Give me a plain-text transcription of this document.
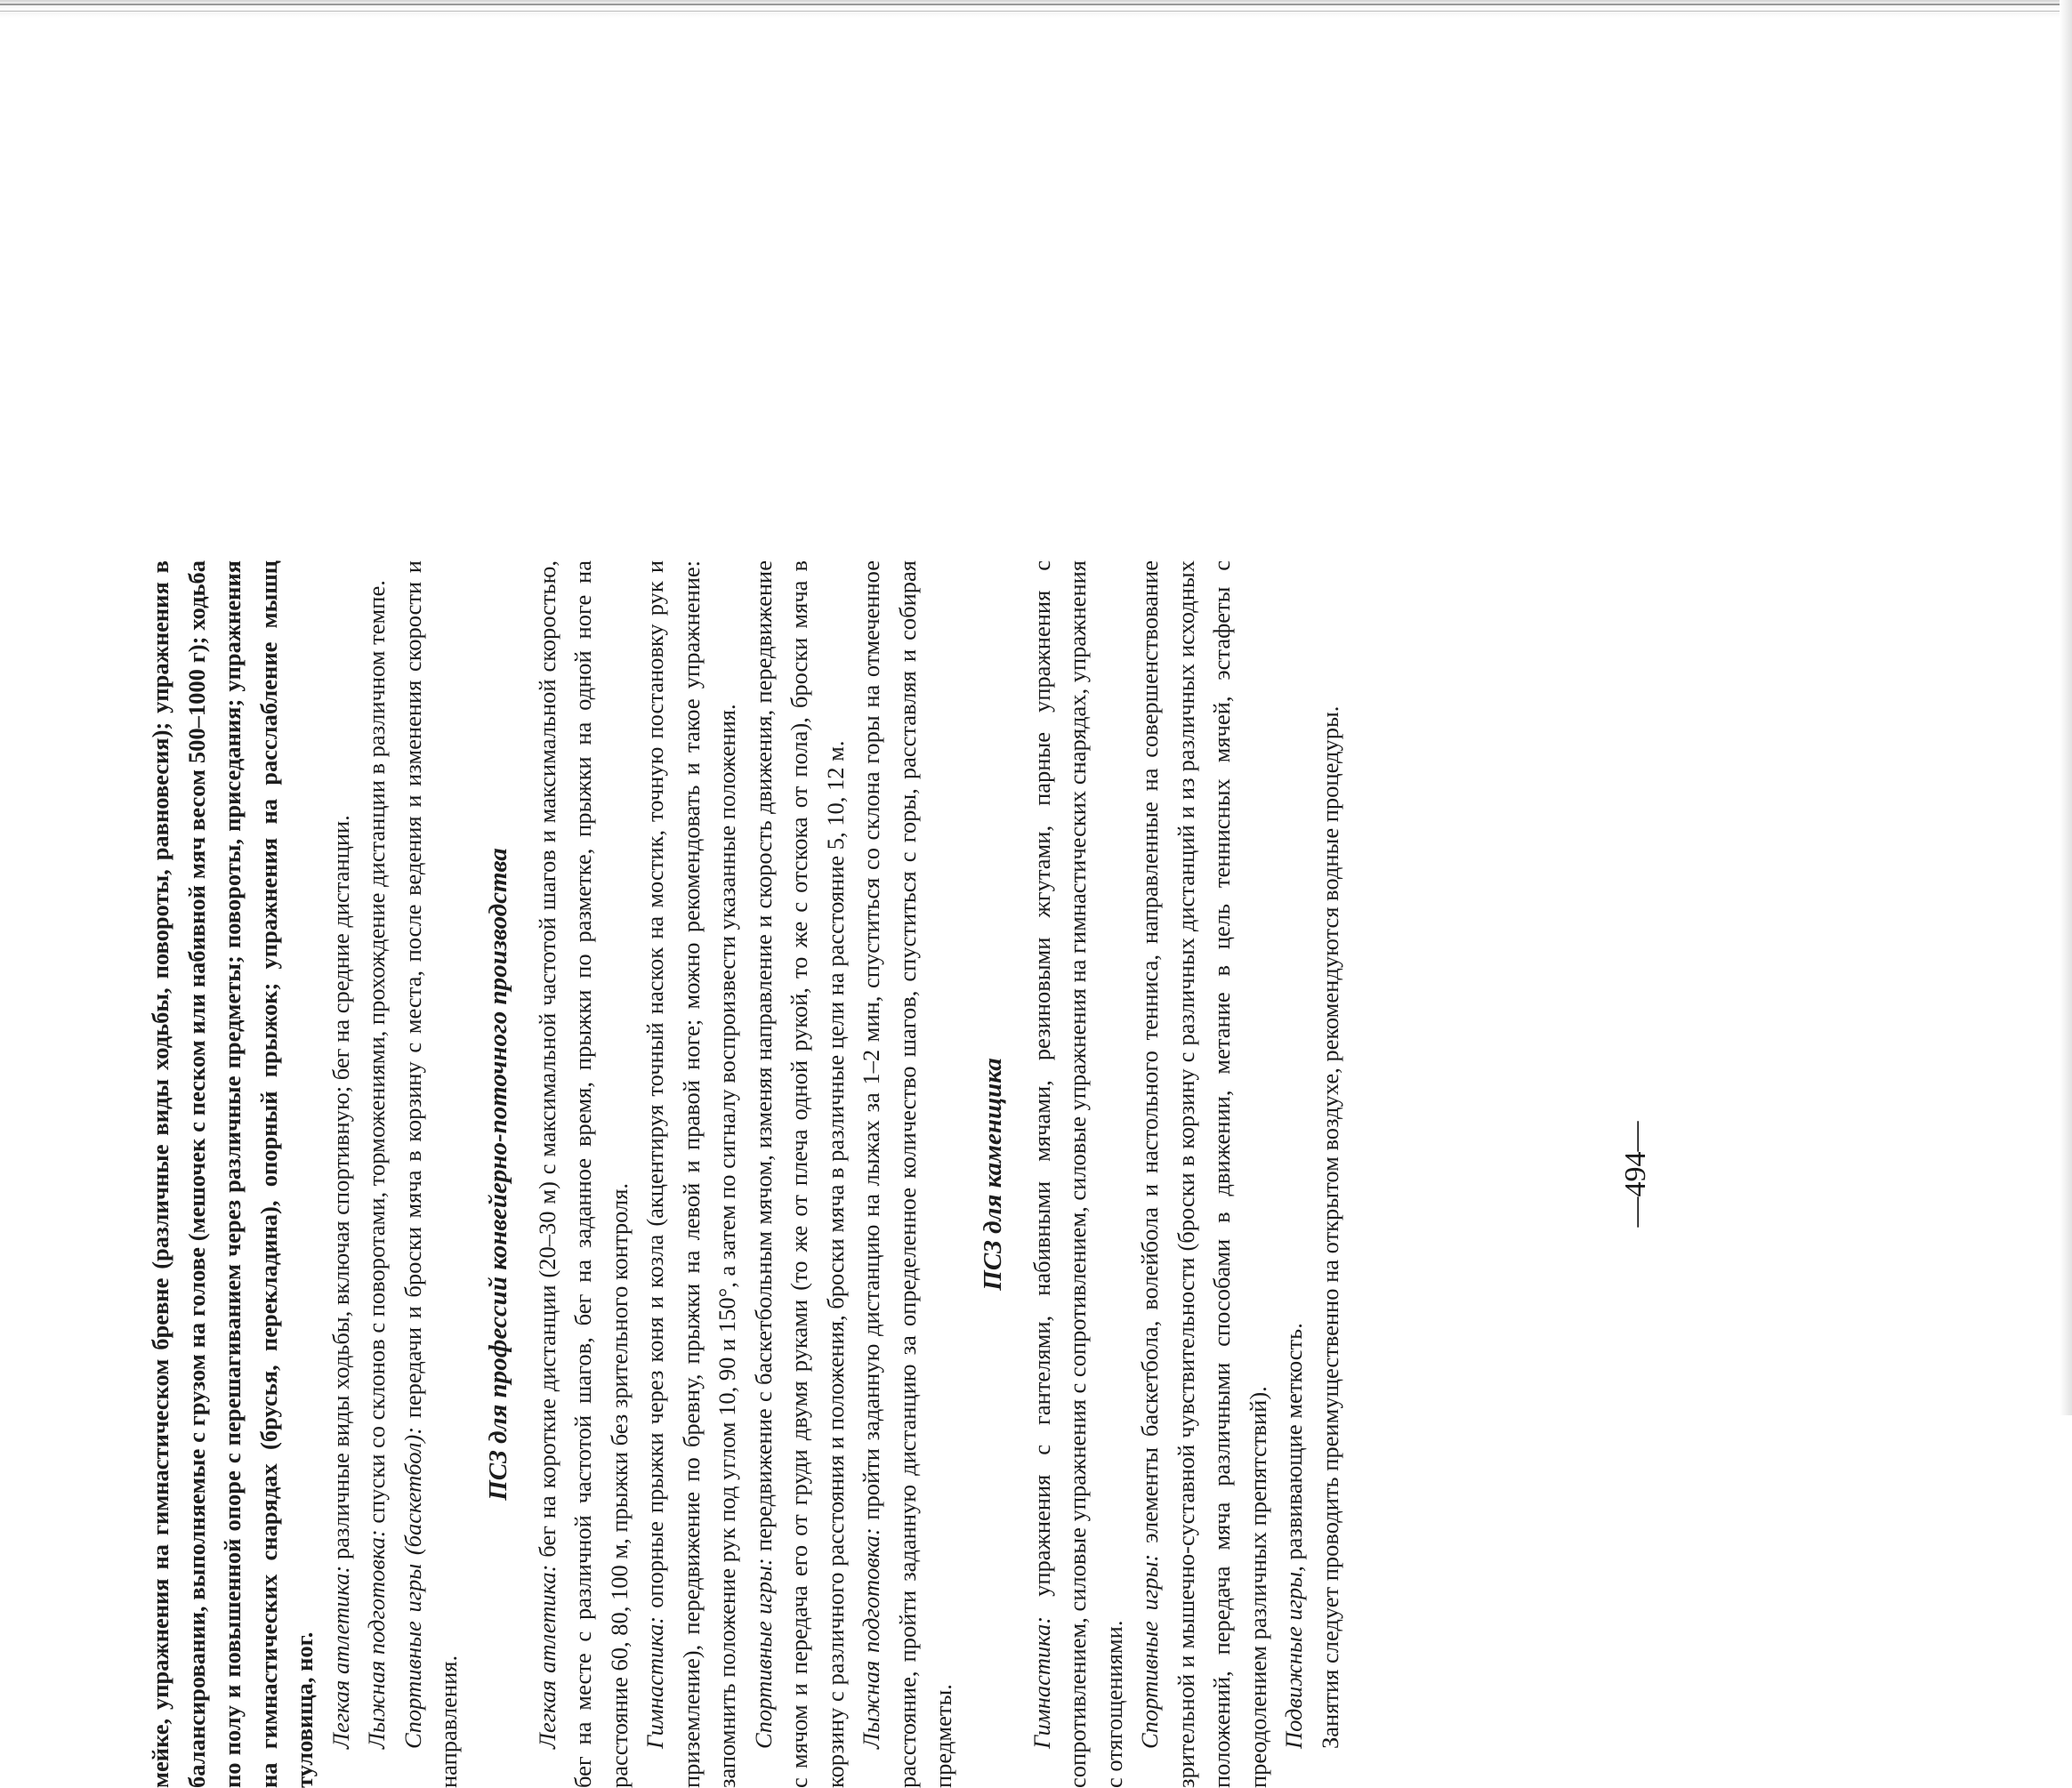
мейке, упражнения на гимнастическом бревне (различные виды ходьбы, повороты, равновесия); упражнения в балансировании, выполняемые с грузом на голове (мешочек с песком или набивной мяч весом 500–1000 г); ходьба по полу и повышенной опоре с перешагиванием через различные предметы; повороты, приседания; упражнения на гимнастических снарядах (брусья, перекладина), опорный прыжок; упражнения на расслабление мышц туловища, ног. Легкая атлетика: различные виды ходьбы, включая спортивную; бег на средние дистанции.

Лыжная подготовка: спуски со склонов с поворотами, торможениями, прохождение дистанции в различном темпе.

Спортивные игры (баскетбол): передачи и броски мяча в корзину с места, после ведения и изменения скорости и направления.

ПСЗ для профессий конвейерно-поточного производства

Легкая атлетика: бег на короткие дистанции (20–30 м) с максимальной частотой шагов и максимальной скоростью, бег на месте с различной частотой шагов, бег на заданное время, прыжки по разметке, прыжки на одной ноге на расстояние 60, 80, 100 м, прыжки без зрительного контроля. Гимнастика: опорные прыжки через коня и козла (акцентируя точный наскок на мостик, точную постановку рук и приземление), передвижение по бревну, прыжки на левой и правой ноге; можно рекомендовать и такое упражнение: запомнить положение рук под углом 10, 90 и 150°, а затем по сигналу воспроизвести указанные положения. Спортивные игры: передвижение с баскетбольным мячом, изменяя направление и скорость движения, передвижение с мячом и передача его от груди двумя руками (то же от плеча одной рукой, то же с отскока от пола), броски мяча в корзину с различного расстояния и положения, броски мяча в различные цели на расстояние 5, 10, 12 м. Лыжная подготовка: пройти заданную дистанцию на лыжах за 1–2 мин, спуститься со склона горы на отмеченное расстояние, пройти заданную дистанцию за определенное количество шагов, спуститься с горы, расставляя и собирая предметы.

ПСЗ для каменщика

Гимнастика: упражнения с гантелями, набивными мячами, резиновыми жгутами, парные упражнения с сопротивлением, силовые упражнения с сопротивлением, силовые упражнения на гимнастических снарядах, упражнения с отягощениями. Спортивные игры: элементы баскетбола, волейбола и настольного тенниса, направленные на совершенствование зрительной и мышечно-суставной чувствительности (броски в корзину с различных дистанций и из различных исходных положений, передача мяча различными способами в движении, метание в цель теннисных мячей, эстафеты с преодолением различных препятствий). Подвижные игры, развивающие меткость. Занятия следует проводить преимущественно на открытом воздухе, рекомендуются водные процедуры.	—494—
